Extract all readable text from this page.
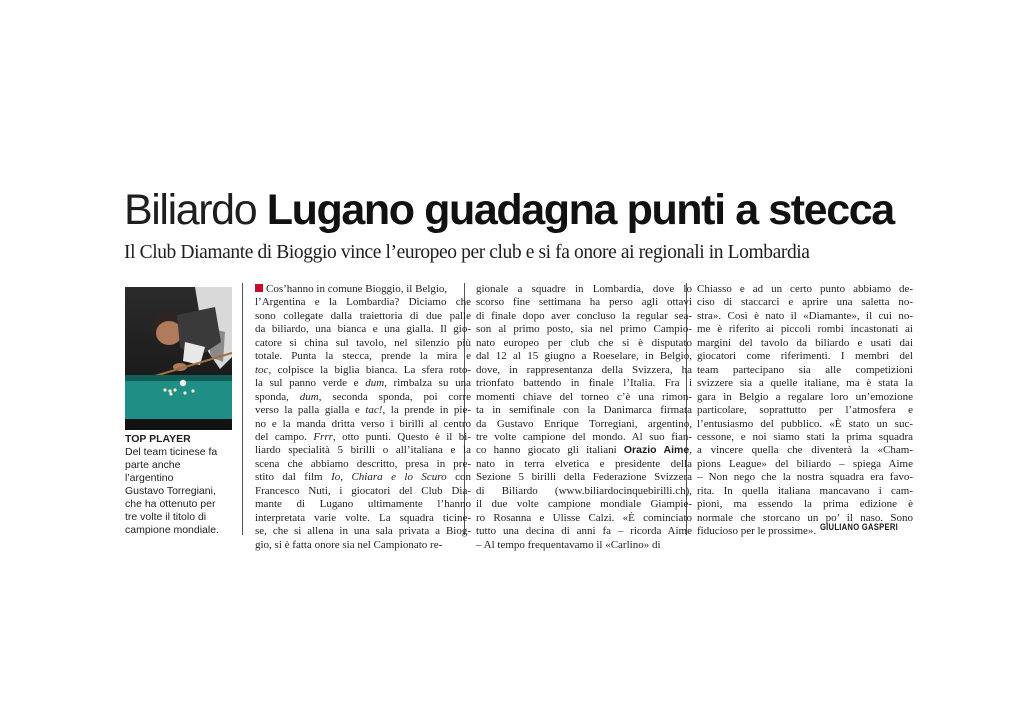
Biliardo Lugano guadagna punti a stecca
Il Club Diamante di Bioggio vince l’europeo per club e si fa onore ai regionali in Lombardia
TOP PLAYER
Del team ticinese fa
parte anche
l’argentino
Gustavo Torregiani,
che ha ottenuto per
tre volte il titolo di
campione mondiale.
Cos’hanno in comune Bioggio, il Belgio,
l’Argentina e la Lombardia? Diciamo che
sono collegate dalla traiettoria di due palle
da biliardo, una bianca e una gialla. Il gio-
catore si china sul tavolo, nel silenzio più
totale. Punta la stecca, prende la mira e
toc, colpisce la biglia bianca. La sfera roto-
la sul panno verde e dum, rimbalza su una
sponda, dum, seconda sponda, poi corre
verso la palla gialla e tac!, la prende in pie-
no e la manda dritta verso i birilli al centro
del campo. Frrr, otto punti. Questo è il bi-
liardo specialità 5 birilli o all’italiana e la
scena che abbiamo descritto, presa in pre-
stito dal film Io, Chiara e lo Scuro con
Francesco Nuti, i giocatori del Club Dia-
mante di Lugano ultimamente l’hanno
interpretata varie volte. La squadra ticine-
se, che si allena in una sala privata a Biog-
gio, si è fatta onore sia nel Campionato re-
gionale a squadre in Lombardia, dove lo
scorso fine settimana ha perso agli ottavi
di finale dopo aver concluso la regular sea-
son al primo posto, sia nel primo Campio-
nato europeo per club che si è disputato
dal 12 al 15 giugno a Roeselare, in Belgio,
dove, in rappresentanza della Svizzera, ha
trionfato battendo in finale l’Italia. Fra i
momenti chiave del torneo c’è una rimon-
ta in semifinale con la Danimarca firmata
da Gustavo Enrique Torregiani, argentino,
tre volte campione del mondo. Al suo fian-
co hanno giocato gli italiani Orazio Aime,
nato in terra elvetica e presidente della
Sezione 5 birilli della Federazione Svizzera
di Biliardo (www.biliardocinquebirilli.ch),
il due volte campione mondiale Giampie-
ro Rosanna e Ulisse Calzi. «È cominciato
tutto una decina di anni fa – ricorda Aime
– Al tempo frequentavamo il «Carlino» di
Chiasso e ad un certo punto abbiamo de-
ciso di staccarci e aprire una saletta no-
stra». Così è nato il «Diamante», il cui no-
me è riferito ai piccoli rombi incastonati ai
margini del tavolo da biliardo e usati dai
giocatori come riferimenti. I membri del
team partecipano sia alle competizioni
svizzere sia a quelle italiane, ma è stata la
gara in Belgio a regalare loro un’emozione
particolare, soprattutto per l’atmosfera e
l’entusiasmo del pubblico. «È stato un suc-
cessone, e noi siamo stati la prima squadra
a vincere quella che diventerà la «Cham-
pions League» del biliardo – spiega Aime
– Non nego che la nostra squadra era favo-
rita. In quella italiana mancavano i cam-
pioni, ma essendo la prima edizione è
normale che storcano un po’ il naso. Sono
fiducioso per le prossime». GIULIANO GASPERI
